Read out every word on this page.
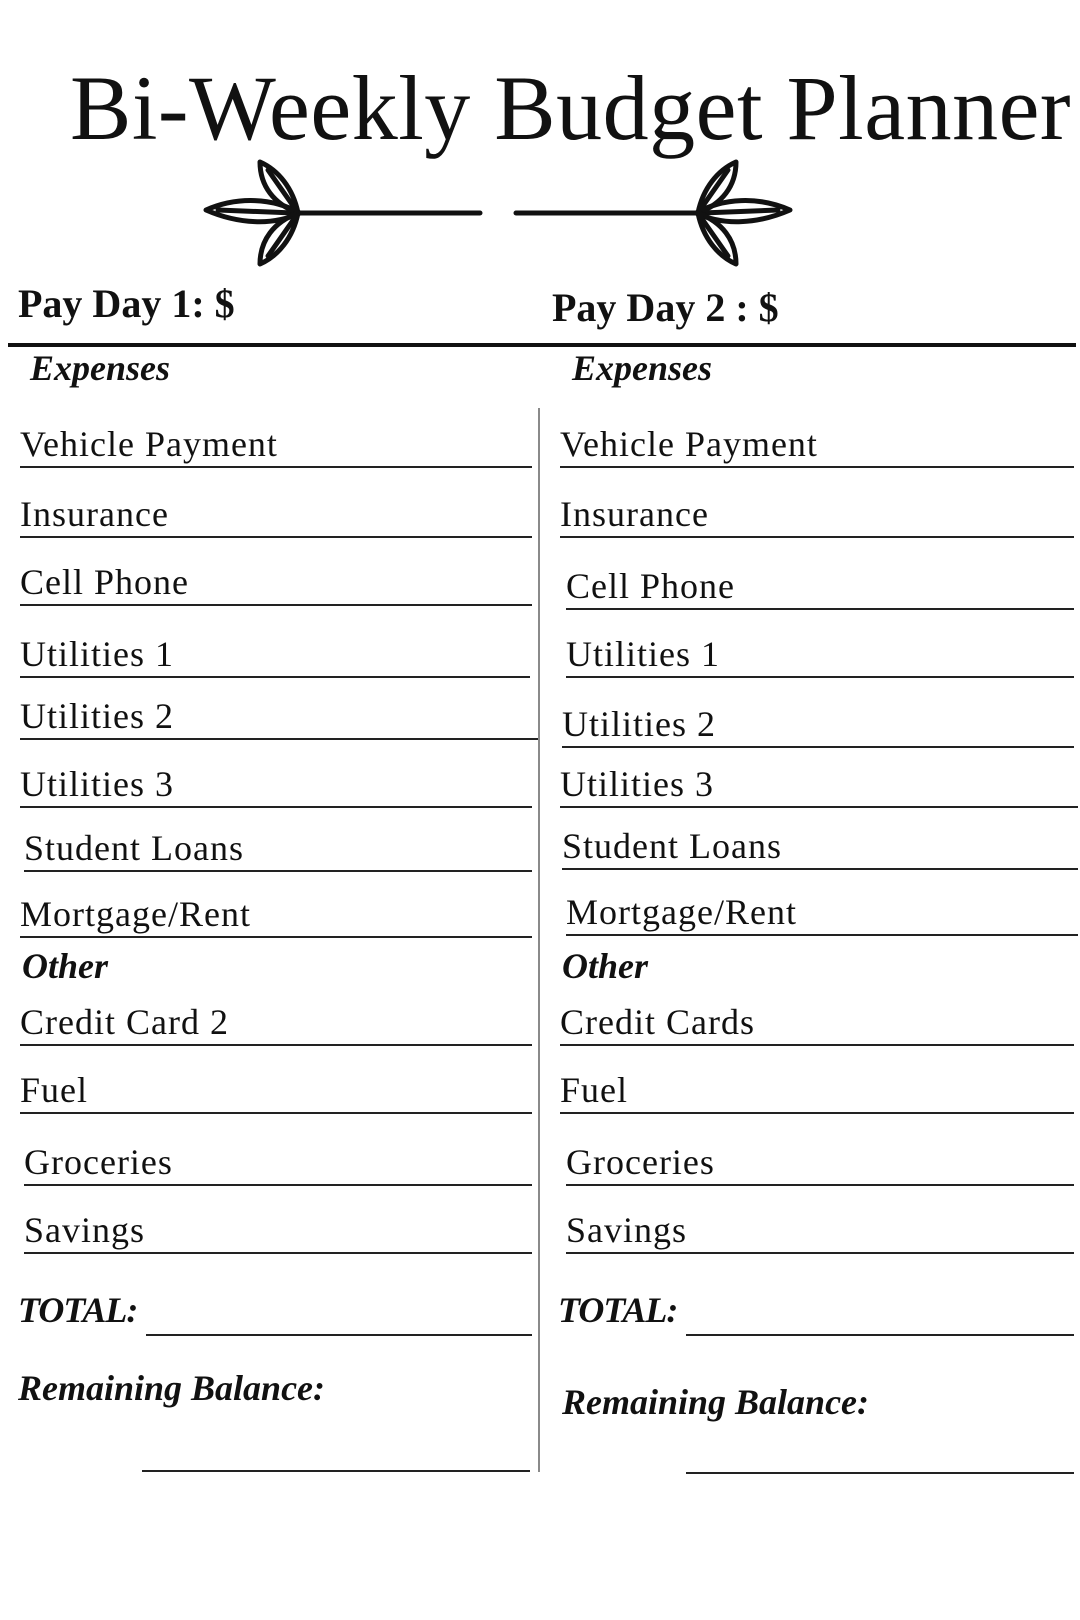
Bi-Weekly Budget Planner
Pay Day 1: $	Pay Day 2 : $
Expenses
Vehicle Payment
Insurance
Cell Phone
Utilities 1
Utilities 2
Utilities 3
Student Loans
Mortgage/Rent
Other
Credit Card 2
Fuel
Groceries
Savings
TOTAL:
Remaining Balance:
Expenses
Vehicle Payment
Insurance
Cell Phone
Utilities 1
Utilities 2
Utilities 3
Student Loans
Mortgage/Rent
Other
Credit Cards
Fuel
Groceries
Savings
TOTAL:
Remaining Balance:
